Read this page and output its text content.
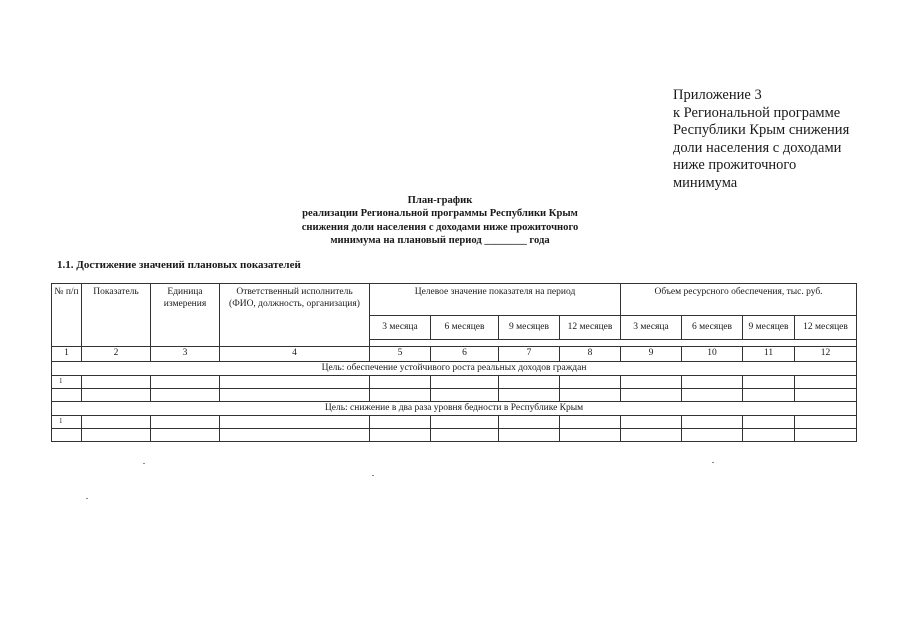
Приложение 3
к Региональной программе
Республики Крым снижения
доли населения с доходами
ниже прожиточного
минимума
План-график
реализации Региональной программы Республики Крым
снижения доли населения с доходами ниже прожиточного
минимума на плановый период ________ года
1.1. Достижение значений плановых показателей
№ п/п	Показатель	Единица измерения	Ответственный исполнитель (ФИО, должность, организация)	Целевое значение показателя на период				Объем ресурсного обеспечения, тыс. руб.			
				3 месяца	6 месяцев	9 месяцев	12 месяцев	3 месяца	6 месяцев	9 месяцев	12 месяцев

1	2	3	4	5	6	7	8	9	10	11	12
Цель: обеспечение устойчивого роста реальных доходов граждан											
1											

Цель: снижение в два раза уровня бедности в Республике Крым											
1											
